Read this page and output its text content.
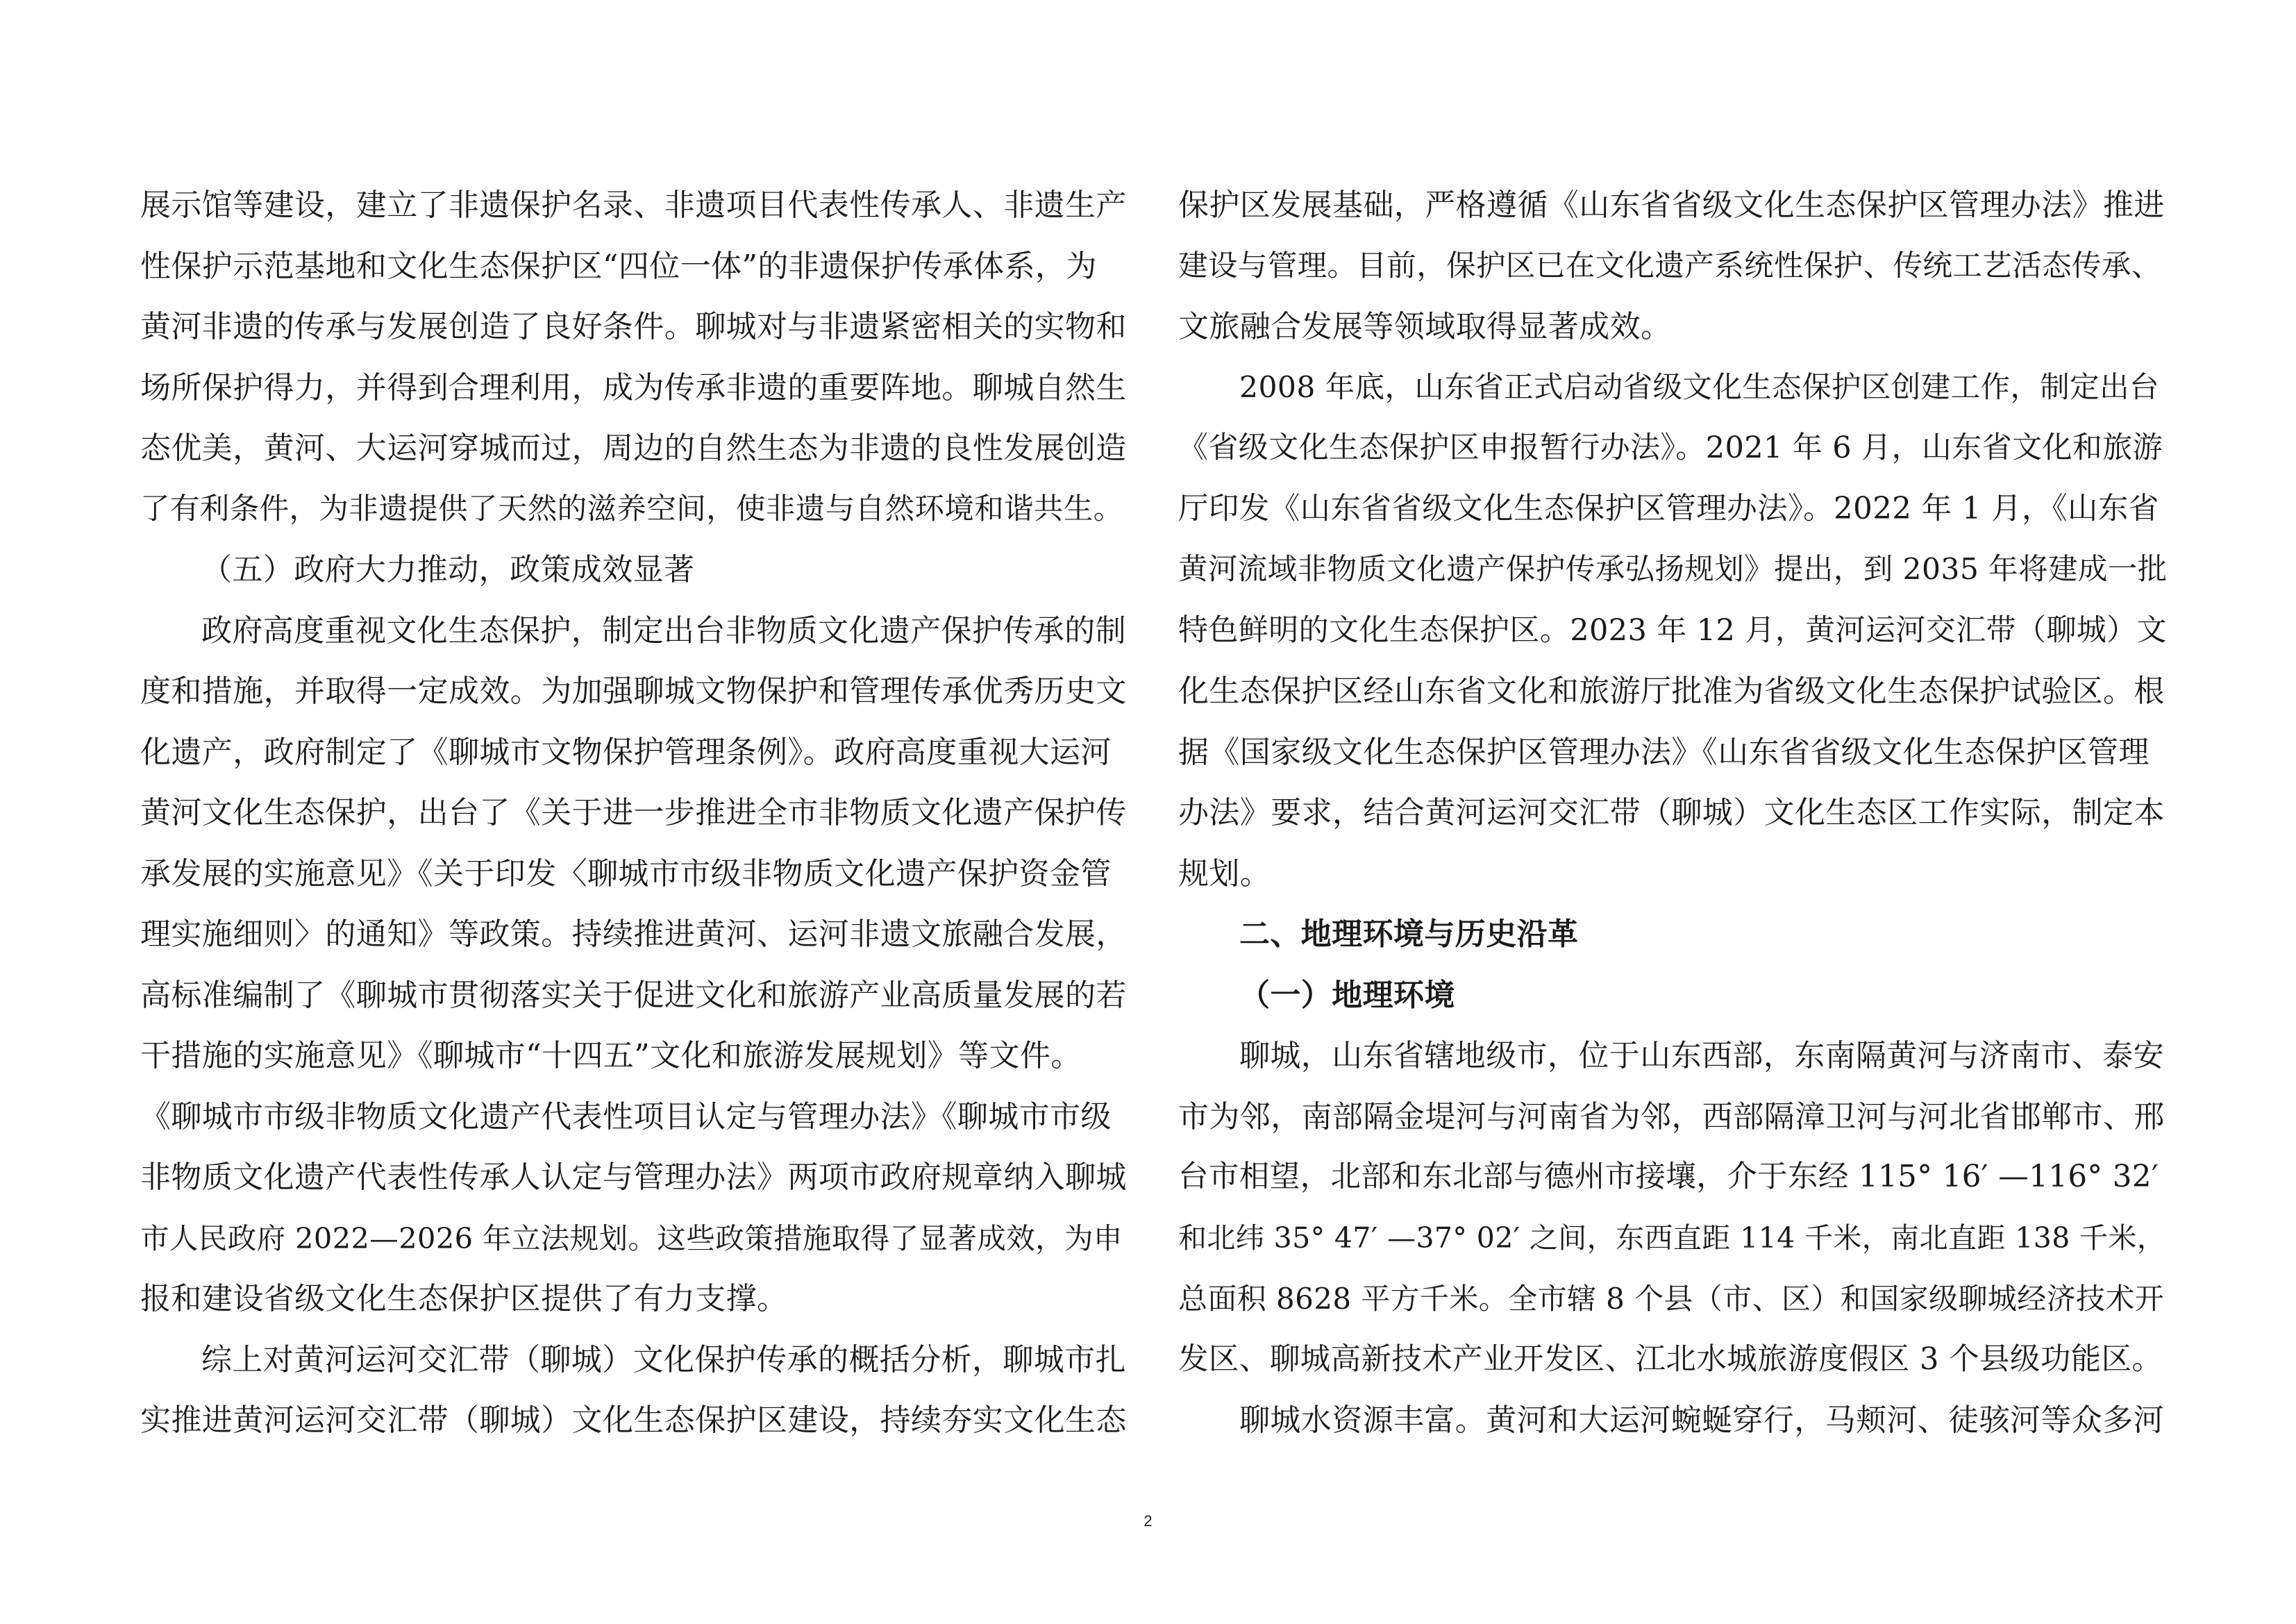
展示馆等建设，建立了非遗保护名录、非遗项目代表性传承人、非遗生产
性保护示范基地和文化生态保护区“四位一体”的非遗保护传承体系，为
黄河非遗的传承与发展创造了良好条件。聊城对与非遗紧密相关的实物和
场所保护得力，并得到合理利用，成为传承非遗的重要阵地。聊城自然生
态优美，黄河、大运河穿城而过，周边的自然生态为非遗的良性发展创造
了有利条件，为非遗提供了天然的滋养空间，使非遗与自然环境和谐共生。
（五）政府大力推动，政策成效显著
政府高度重视文化生态保护，制定出台非物质文化遗产保护传承的制
度和措施，并取得一定成效。为加强聊城文物保护和管理传承优秀历史文
化遗产，政府制定了《聊城市文物保护管理条例》。政府高度重视大运河
黄河文化生态保护，出台了《关于进一步推进全市非物质文化遗产保护传
承发展的实施意见》《关于印发〈聊城市市级非物质文化遗产保护资金管
理实施细则〉的通知》等政策。持续推进黄河、运河非遗文旅融合发展，
高标准编制了《聊城市贯彻落实关于促进文化和旅游产业高质量发展的若
干措施的实施意见》《聊城市“十四五”文化和旅游发展规划》等文件。
《聊城市市级非物质文化遗产代表性项目认定与管理办法》《聊城市市级
非物质文化遗产代表性传承人认定与管理办法》两项市政府规章纳入聊城
市人民政府 2022—2026 年立法规划。这些政策措施取得了显著成效，为申
报和建设省级文化生态保护区提供了有力支撑。
综上对黄河运河交汇带（聊城）文化保护传承的概括分析，聊城市扎
实推进黄河运河交汇带（聊城）文化生态保护区建设，持续夯实文化生态
保护区发展基础，严格遵循《山东省省级文化生态保护区管理办法》推进
建设与管理。目前，保护区已在文化遗产系统性保护、传统工艺活态传承、
文旅融合发展等领域取得显著成效。
2008 年底，山东省正式启动省级文化生态保护区创建工作，制定出台
《省级文化生态保护区申报暂行办法》。2021 年 6 月，山东省文化和旅游
厅印发《山东省省级文化生态保护区管理办法》。2022 年 1 月，《山东省
黄河流域非物质文化遗产保护传承弘扬规划》提出，到 2035 年将建成一批
特色鲜明的文化生态保护区。2023 年 12 月，黄河运河交汇带（聊城）文
化生态保护区经山东省文化和旅游厅批准为省级文化生态保护试验区。根
据《国家级文化生态保护区管理办法》《山东省省级文化生态保护区管理
办法》要求，结合黄河运河交汇带（聊城）文化生态区工作实际，制定本
规划。
二、地理环境与历史沿革
（一）地理环境
聊城，山东省辖地级市，位于山东西部，东南隔黄河与济南市、泰安
市为邻，南部隔金堤河与河南省为邻，西部隔漳卫河与河北省邯郸市、邢
台市相望，北部和东北部与德州市接壤，介于东经 115° 16′ —116° 32′
和北纬 35° 47′ —37° 02′ 之间，东西直距 114 千米，南北直距 138 千米，
总面积 8628 平方千米。全市辖 8 个县（市、区）和国家级聊城经济技术开
发区、聊城高新技术产业开发区、江北水城旅游度假区 3 个县级功能区。
聊城水资源丰富。黄河和大运河蜿蜒穿行，马颊河、徒骇河等众多河
2
